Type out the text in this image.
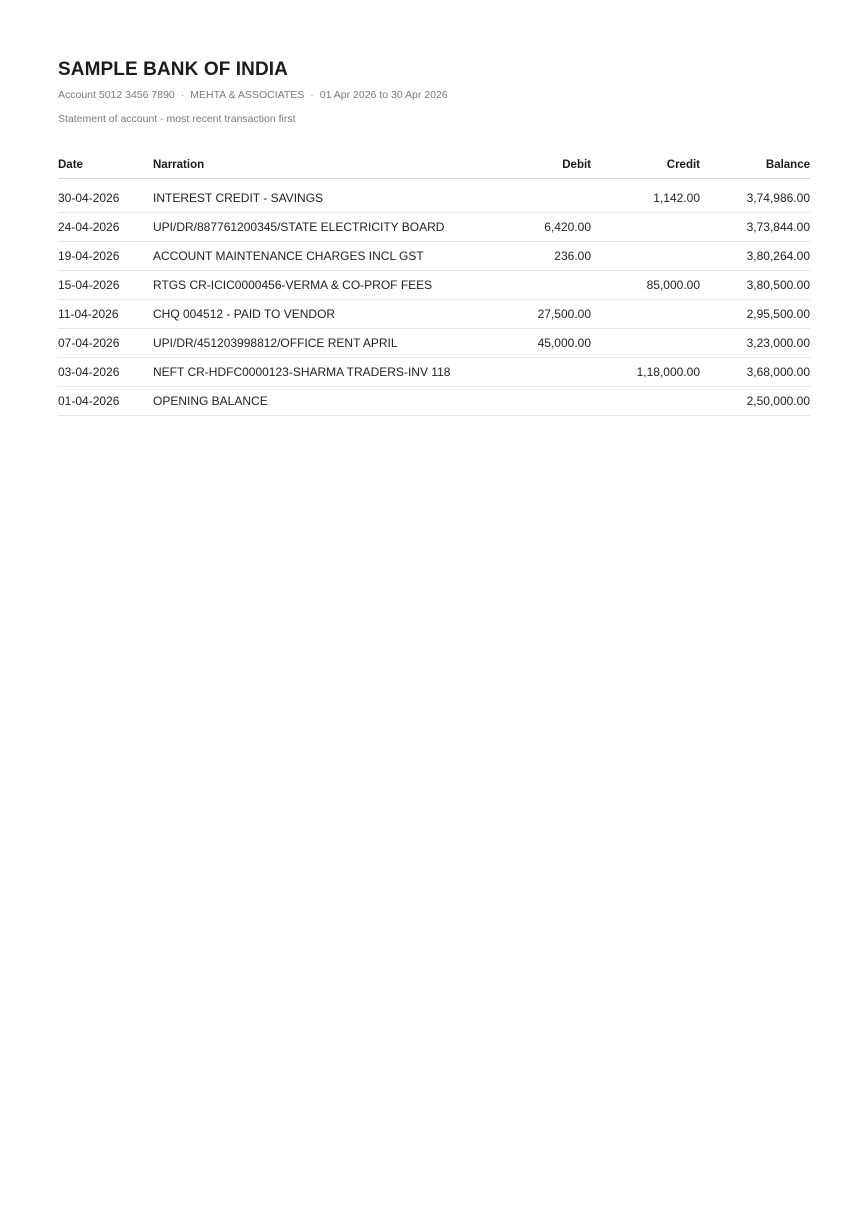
SAMPLE BANK OF INDIA
Account 5012 3456 7890 · MEHTA & ASSOCIATES · 01 Apr 2026 to 30 Apr 2026
Statement of account - most recent transaction first
Date	Narration	Debit	Credit	Balance
30-04-2026	INTEREST CREDIT - SAVINGS		1,142.00	3,74,986.00
24-04-2026	UPI/DR/887761200345/STATE ELECTRICITY BOARD	6,420.00		3,73,844.00
19-04-2026	ACCOUNT MAINTENANCE CHARGES INCL GST	236.00		3,80,264.00
15-04-2026	RTGS CR-ICIC0000456-VERMA & CO-PROF FEES		85,000.00	3,80,500.00
11-04-2026	CHQ 004512 - PAID TO VENDOR	27,500.00		2,95,500.00
07-04-2026	UPI/DR/451203998812/OFFICE RENT APRIL	45,000.00		3,23,000.00
03-04-2026	NEFT CR-HDFC0000123-SHARMA TRADERS-INV 118		1,18,000.00	3,68,000.00
01-04-2026	OPENING BALANCE			2,50,000.00
